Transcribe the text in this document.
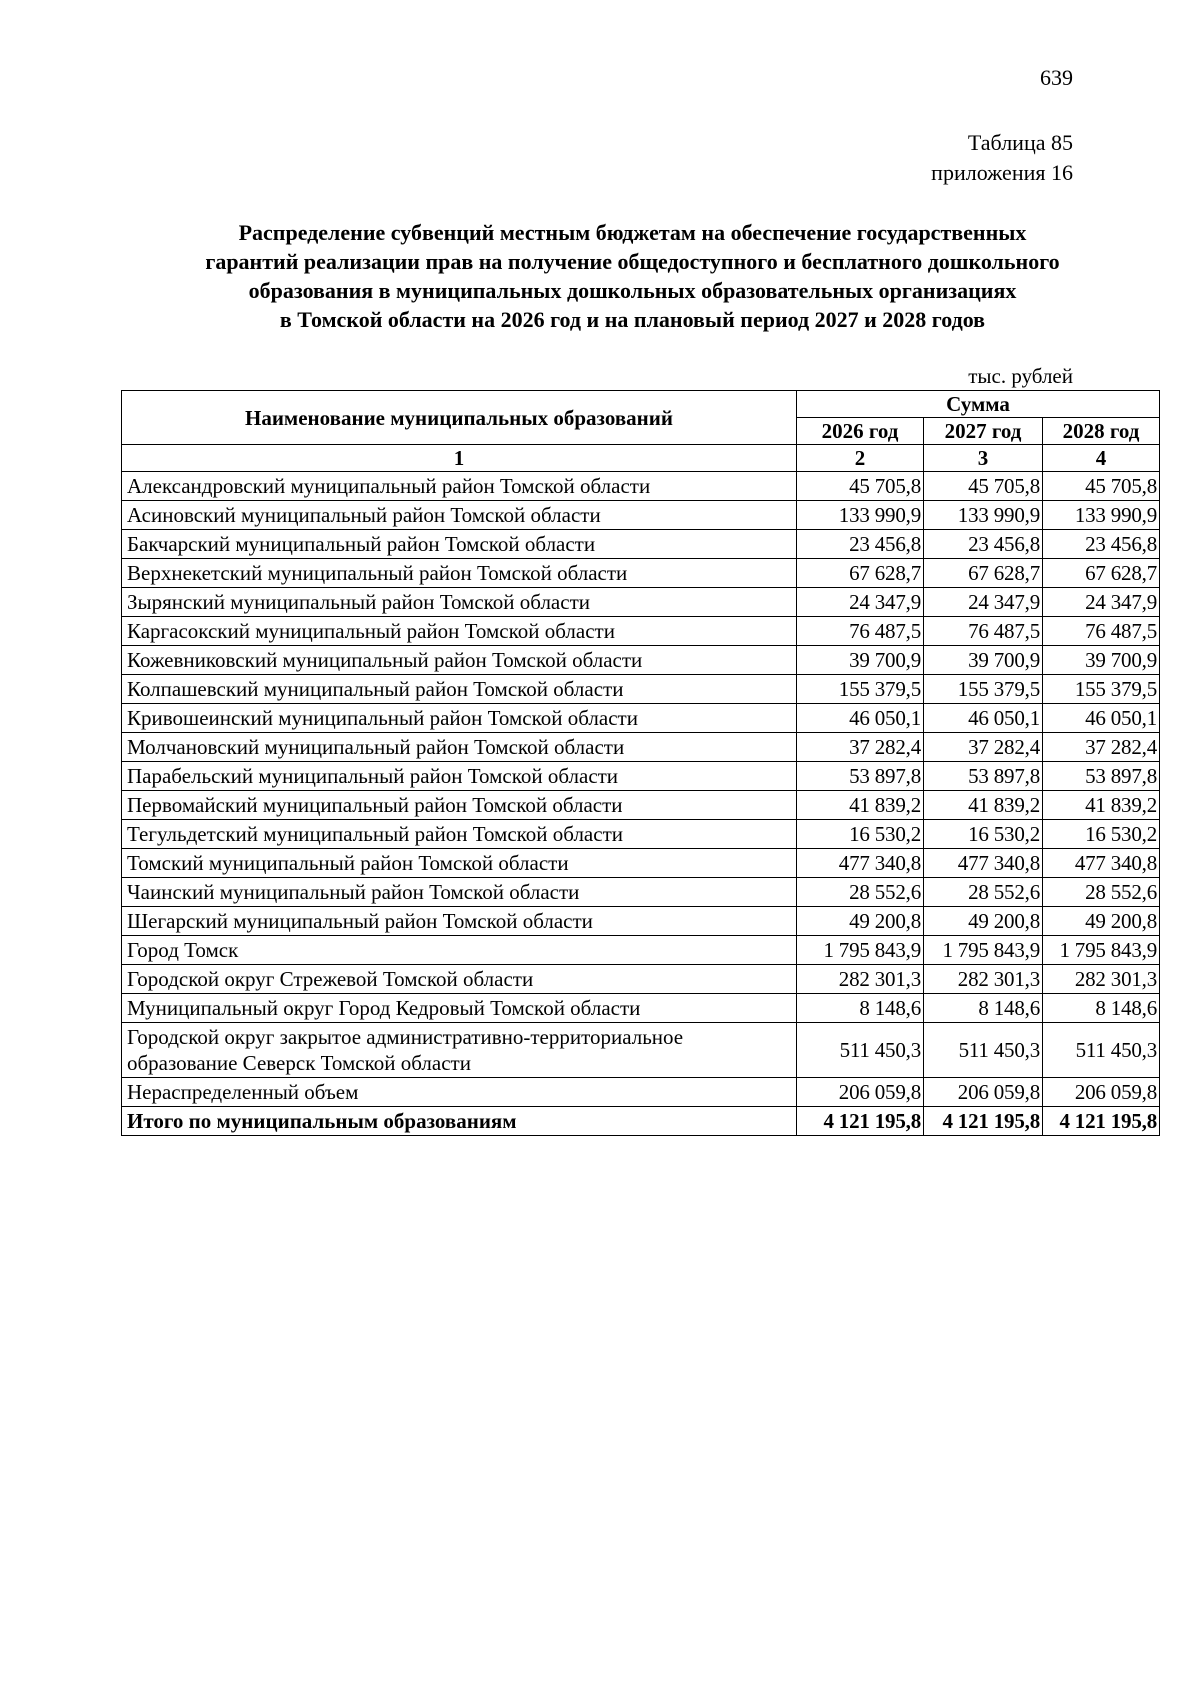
639
Таблица 85
приложения 16
Распределение субвенций местным бюджетам на обеспечение государственных
гарантий реализации прав на получение общедоступного и бесплатного дошкольного
образования в муниципальных дошкольных образовательных организациях
в Томской области на 2026 год и на плановый период 2027 и 2028 годов
тыс. рублей
Наименование муниципальных образований	Сумма		
	2026 год	2027 год	2028 год
1	2	3	4
Александровский муниципальный район Томской области	45 705,8	45 705,8	45 705,8
Асиновский муниципальный район Томской области	133 990,9	133 990,9	133 990,9
Бакчарский муниципальный район Томской области	23 456,8	23 456,8	23 456,8
Верхнекетский муниципальный район Томской области	67 628,7	67 628,7	67 628,7
Зырянский муниципальный район Томской области	24 347,9	24 347,9	24 347,9
Каргасокский муниципальный район Томской области	76 487,5	76 487,5	76 487,5
Кожевниковский муниципальный район Томской области	39 700,9	39 700,9	39 700,9
Колпашевский муниципальный район Томской области	155 379,5	155 379,5	155 379,5
Кривошеинский муниципальный район Томской области	46 050,1	46 050,1	46 050,1
Молчановский муниципальный район Томской области	37 282,4	37 282,4	37 282,4
Парабельский муниципальный район Томской области	53 897,8	53 897,8	53 897,8
Первомайский муниципальный район Томской области	41 839,2	41 839,2	41 839,2
Тегульдетский муниципальный район Томской области	16 530,2	16 530,2	16 530,2
Томский муниципальный район Томской области	477 340,8	477 340,8	477 340,8
Чаинский муниципальный район Томской области	28 552,6	28 552,6	28 552,6
Шегарский муниципальный район Томской области	49 200,8	49 200,8	49 200,8
Город Томск	1 795 843,9	1 795 843,9	1 795 843,9
Городской округ Стрежевой Томской области	282 301,3	282 301,3	282 301,3
Муниципальный округ Город Кедровый Томской области	8 148,6	8 148,6	8 148,6
Городской округ закрытое административно-территориальное образование Северск Томской области	511 450,3	511 450,3	511 450,3
Нераспределенный объем	206 059,8	206 059,8	206 059,8
Итого по муниципальным образованиям	4 121 195,8	4 121 195,8	4 121 195,8
